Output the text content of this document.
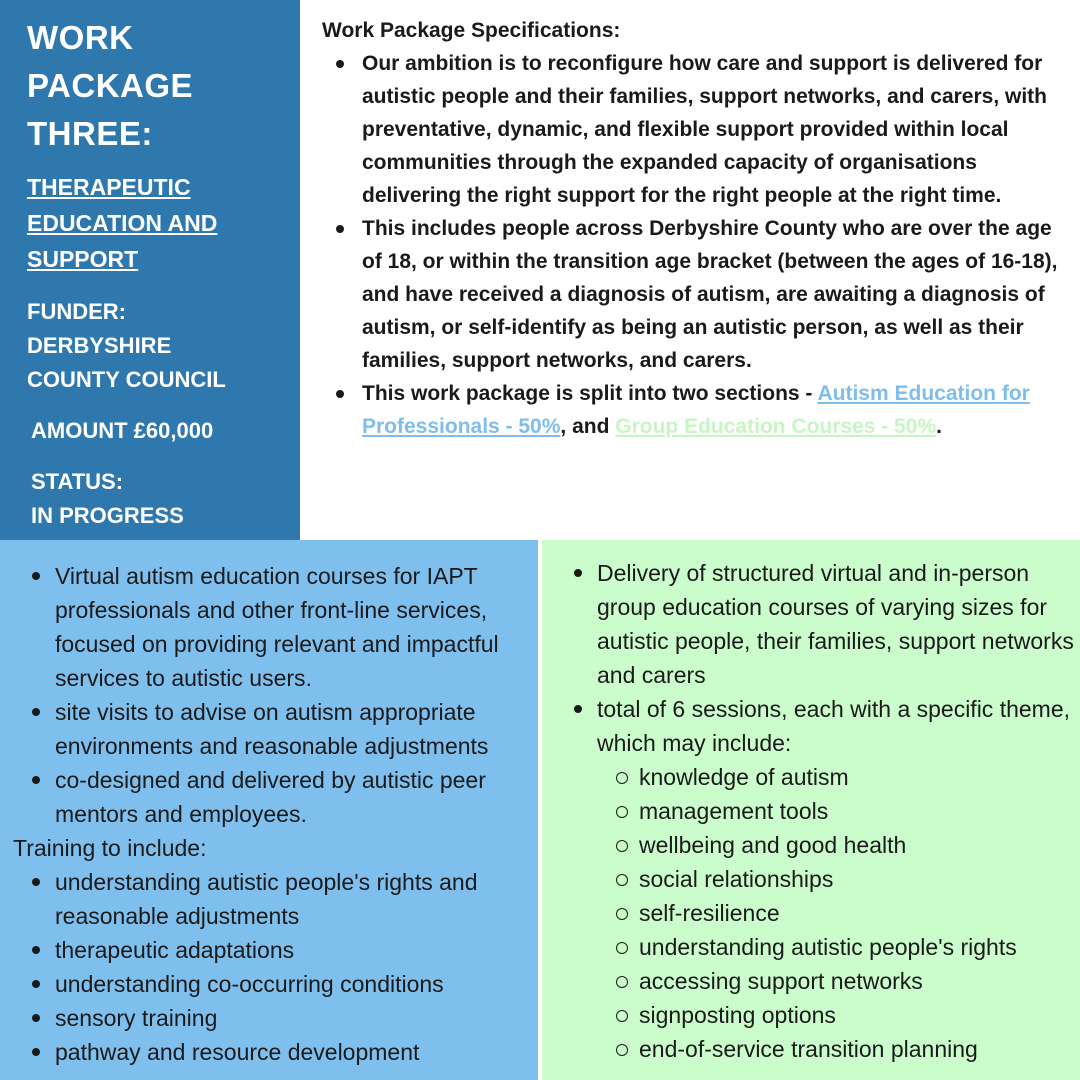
WORK
PACKAGE
THREE:
THERAPEUTIC
EDUCATION AND
SUPPORT
FUNDER:
DERBYSHIRE
COUNTY COUNCIL
AMOUNT £60,000
STATUS:
IN PROGRESS
Work Package Specifications:
Our ambition is to reconfigure how care and support is delivered for autistic people and their families, support networks, and carers, with preventative, dynamic, and flexible support provided within local communities through the expanded capacity of organisations delivering the right support for the right people at the right time.
This includes people across Derbyshire County who are over the age of 18, or within the transition age bracket (between the ages of 16-18), and have received a diagnosis of autism, are awaiting a diagnosis of autism, or self-identify as being an autistic person, as well as their families, support networks, and carers.
This work package is split into two sections - Autism Education for Professionals - 50%, and Group Education Courses - 50%.
Virtual autism education courses for IAPT professionals and other front-line services, focused on providing relevant and impactful services to autistic users.
site visits to advise on autism appropriate environments and reasonable adjustments
co-designed and delivered by autistic peer mentors and employees.
Training to include:
understanding autistic people's rights and reasonable adjustments
therapeutic adaptations
understanding co-occurring conditions
sensory training
pathway and resource development
Delivery of structured virtual and in-person group education courses of varying sizes for autistic people, their families, support networks and carers
total of 6 sessions, each with a specific theme, which may include:
knowledge of autism
management tools
wellbeing and good health
social relationships
self-resilience
understanding autistic people's rights
accessing support networks
signposting options
end-of-service transition planning
